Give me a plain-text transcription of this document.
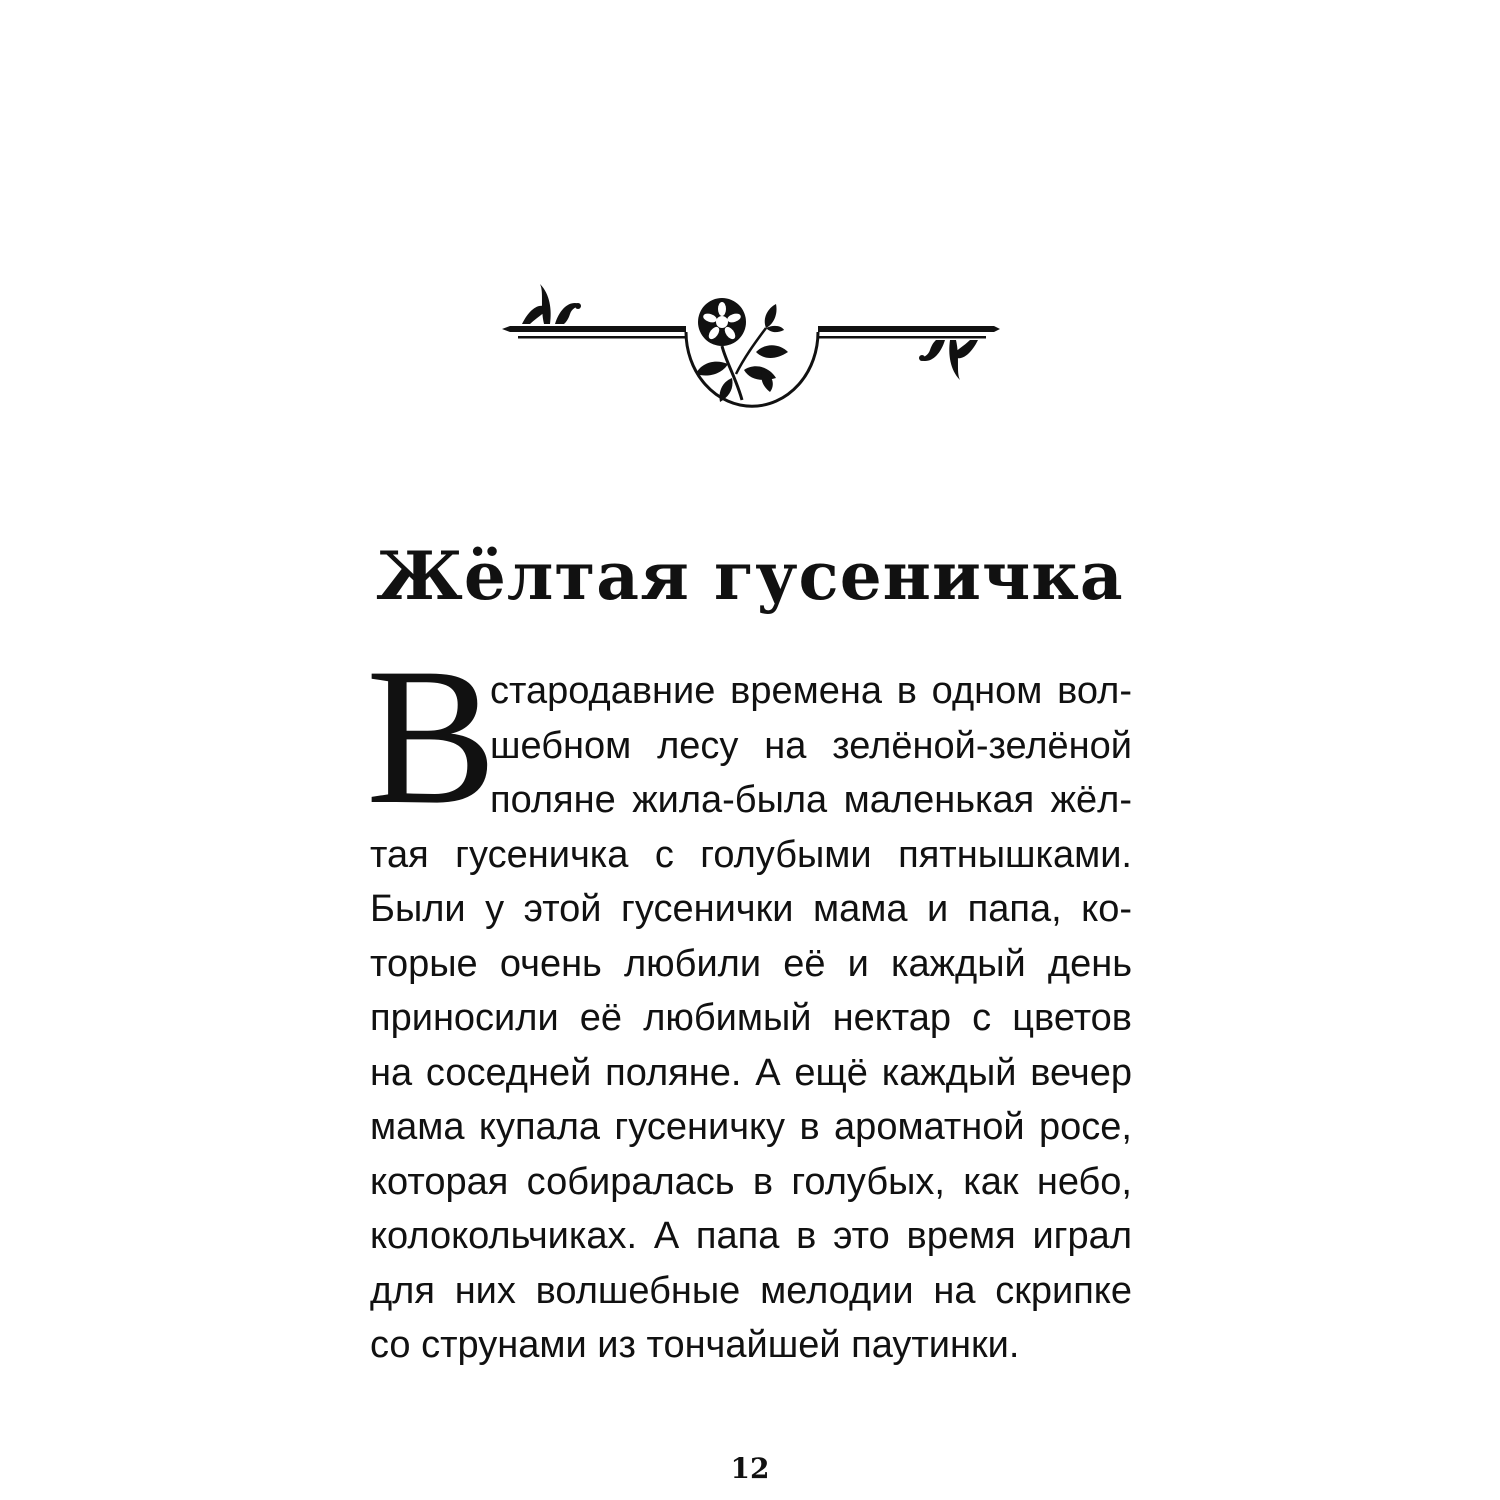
Жёлтая гусеничка
В
стародавние времена в одном вол-
шебном лесу на зелёной-зелёной
поляне жила-была маленькая жёл-
тая гусеничка с голубыми пятнышками.
Были у этой гусенички мама и папа, ко-
торые очень любили её и каждый день
приносили её любимый нектар с цветов
на соседней поляне. А ещё каждый вечер
мама купала гусеничку в ароматной росе,
которая собиралась в голубых, как небо,
колокольчиках. А папа в это время играл
для них волшебные мелодии на скрипке
со струнами из тончайшей паутинки.
12
